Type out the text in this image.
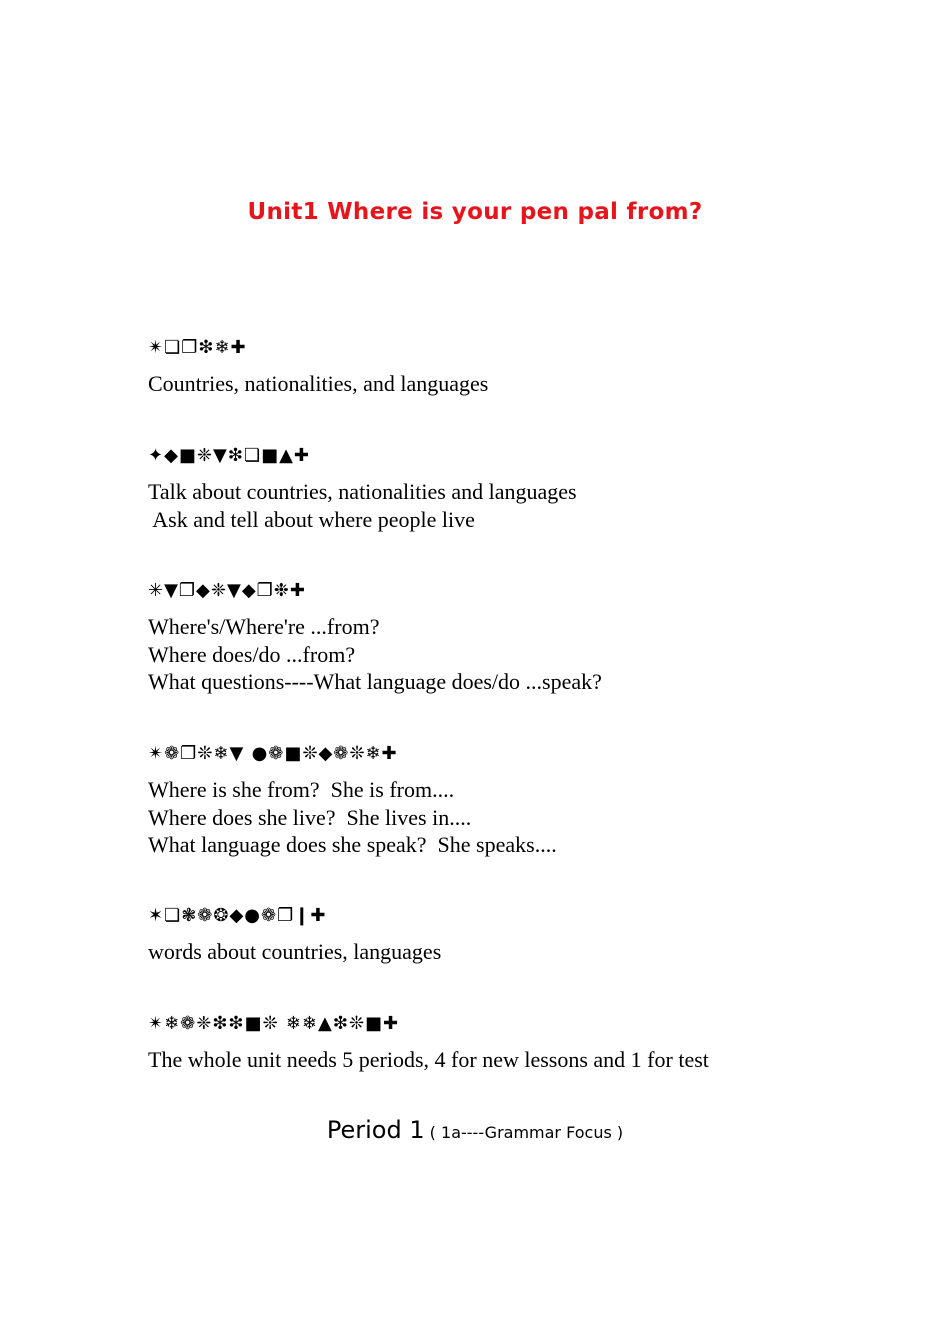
Unit1 Where is your pen pal from?
✴❏❐❇❄✚
Countries, nationalities, and languages
✦◆■❈▼❇❏■▲✚
Talk about countries, nationalities and languages
Ask and tell about where people live
✳▼❐◆❈▼◆❐❉✚
Where's/Where're ...from?
Where does/do ...from?
What questions----What language does/do ...speak?
✴❁❐❊❄▼ ●❁■❊◆❁❊❄✚
Where is she from?  She is from....
Where does she live?  She lives in....
What language does she speak?  She speaks....
✶❏❃❁❂◆●❁❐❙✚
words about countries, languages
✴❄❁❈❇❇■❊ ❄❄▲❇❊■✚
The whole unit needs 5 periods, 4 for new lessons and 1 for test
Period 1 ( 1a----Grammar Focus )
